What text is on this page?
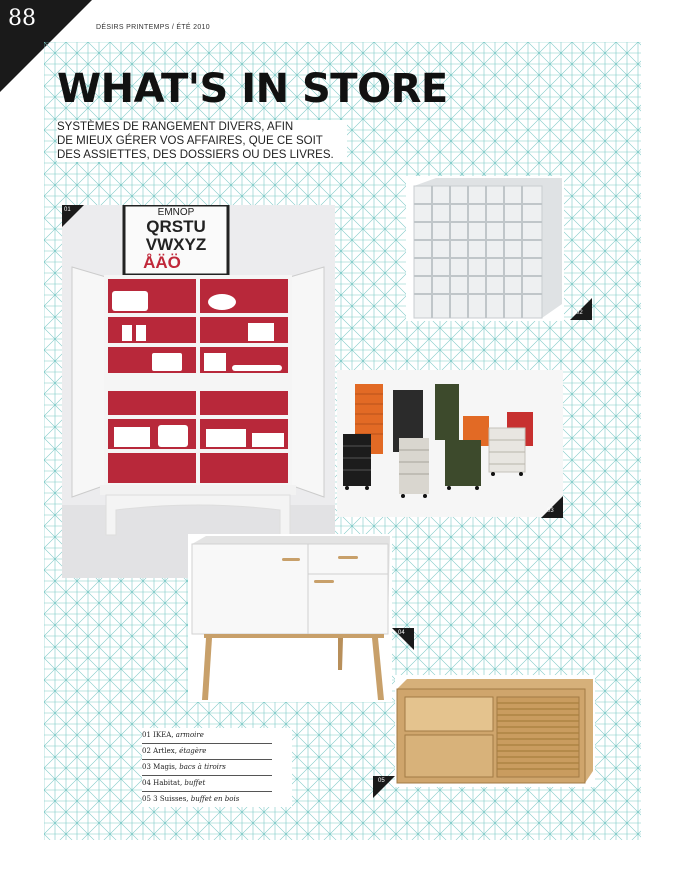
88	DÉSIRS PRINTEMPS / ÉTÉ 2010
WHAT'S IN STORE

SYSTÈMES DE RANGEMENT DIVERS, AFIN

DE MIEUX GÉRER VOS AFFAIRES, QUE CE SOIT

DES ASSIETTES, DES DOSSIERS OU DES LIVRES.

EMNOP
QRSTU
VWXYZ
ÅÄÖ
01
02
03
04
05
01 IKEA, armoire
02 Artlex, étagère
03 Magis, bacs à tiroirs
04 Habitat, buffet
05 3 Suisses, buffet en bois
